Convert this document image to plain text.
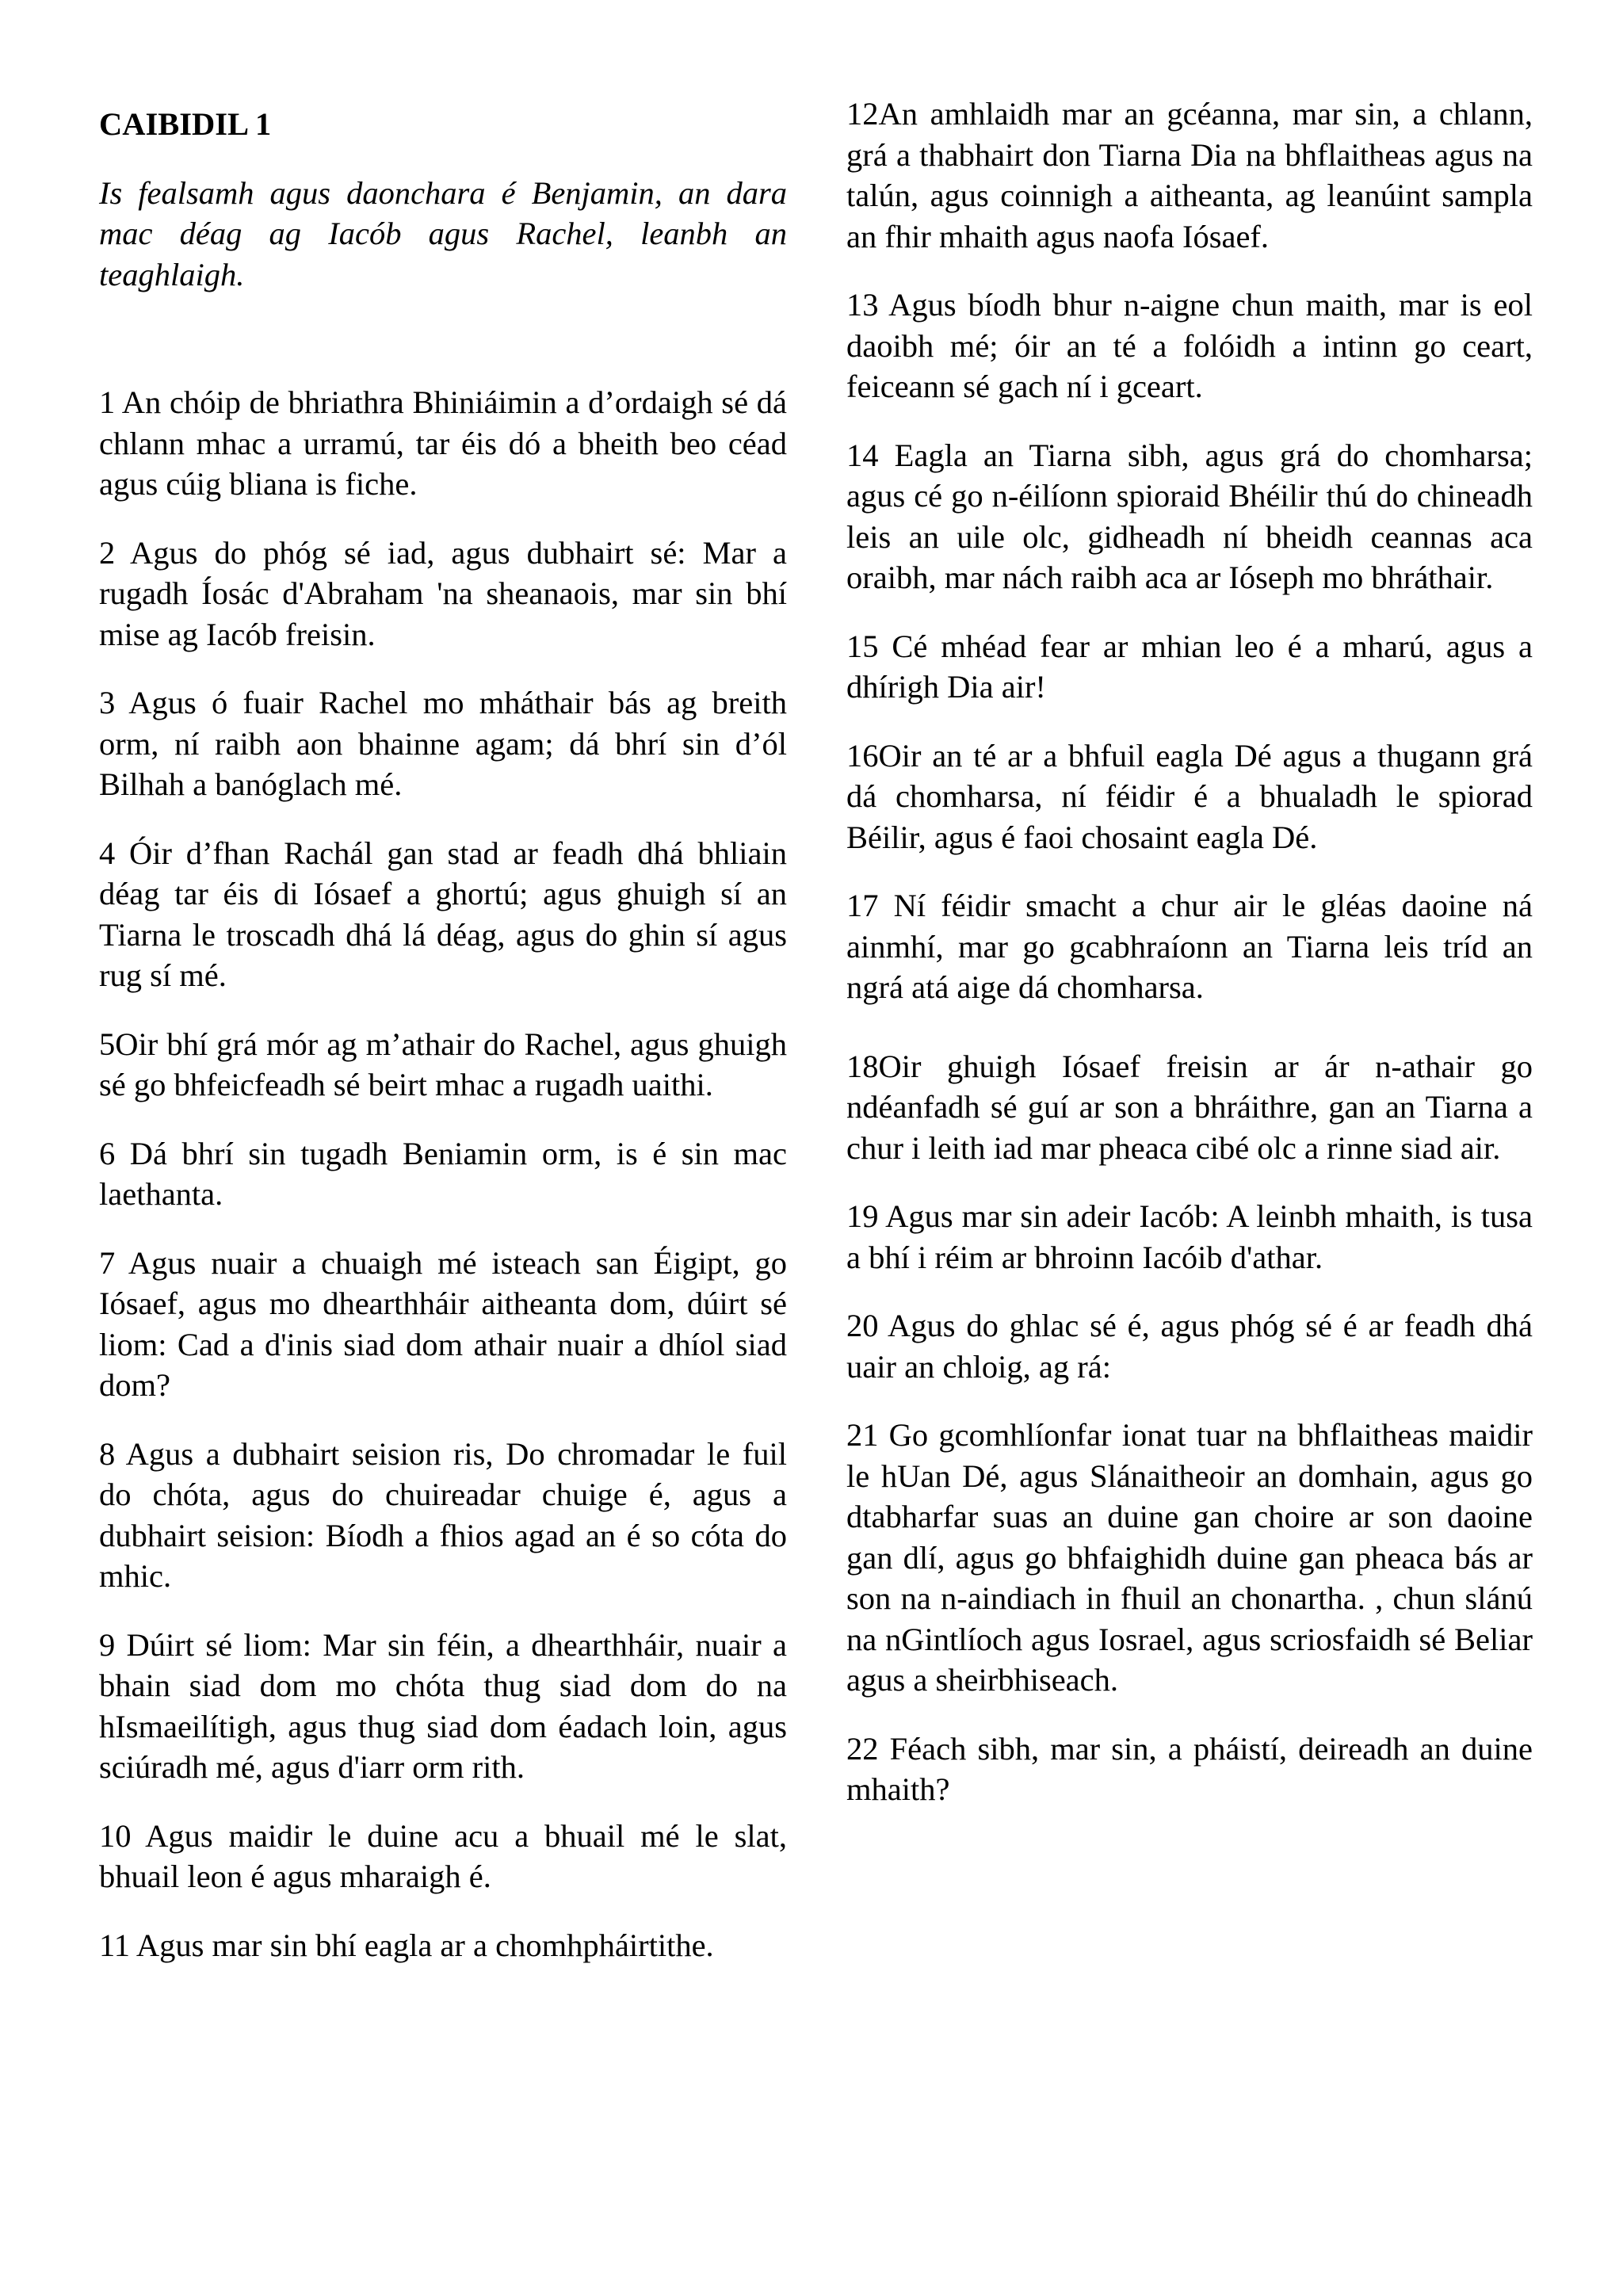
CAIBIDIL 1
Is fealsamh agus daonchara é Benjamin, an dara mac déag ag Iacób agus Rachel, leanbh an teaghlaigh.
1 An chóip de bhriathra Bhiniáimin a d’ordaigh sé dá chlann mhac a urramú, tar éis dó a bheith beo céad agus cúig bliana is fiche.
2 Agus do phóg sé iad, agus dubhairt sé: Mar a rugadh Íosác d'Abraham 'na sheanaois, mar sin bhí mise ag Iacób freisin.
3 Agus ó fuair Rachel mo mháthair bás ag breith orm, ní raibh aon bhainne agam; dá bhrí sin d’ól Bilhah a banóglach mé.
4 Óir d’fhan Rachál gan stad ar feadh dhá bhliain déag tar éis di Iósaef a ghortú; agus ghuigh sí an Tiarna le troscadh dhá lá déag, agus do ghin sí agus rug sí mé.
5Oir bhí grá mór ag m’athair do Rachel, agus ghuigh sé go bhfeicfeadh sé beirt mhac a rugadh uaithi.
6 Dá bhrí sin tugadh Beniamin orm, is é sin mac laethanta.
7 Agus nuair a chuaigh mé isteach san Éigipt, go Iósaef, agus mo dhearthháir aitheanta dom, dúirt sé liom: Cad a d'inis siad dom athair nuair a dhíol siad dom?
8 Agus a dubhairt seision ris, Do chromadar le fuil do chóta, agus do chuireadar chuige é, agus a dubhairt seision: Bíodh a fhios agad an é so cóta do mhic.
9 Dúirt sé liom: Mar sin féin, a dhearthháir, nuair a bhain siad dom mo chóta thug siad dom do na hIsmaeilítigh, agus thug siad dom éadach loin, agus sciúradh mé, agus d'iarr orm rith.
10 Agus maidir le duine acu a bhuail mé le slat, bhuail leon é agus mharaigh é.
11 Agus mar sin bhí eagla ar a chomhpháirtithe.
12An amhlaidh mar an gcéanna, mar sin, a chlann, grá a thabhairt don Tiarna Dia na bhflaitheas agus na talún, agus coinnigh a aitheanta, ag leanúint sampla an fhir mhaith agus naofa Iósaef.
13 Agus bíodh bhur n-aigne chun maith, mar is eol daoibh mé; óir an té a folóidh a intinn go ceart, feiceann sé gach ní i gceart.
14 Eagla an Tiarna sibh, agus grá do chomharsa; agus cé go n-éilíonn spioraid Bhéilir thú do chineadh leis an uile olc, gidheadh ní bheidh ceannas aca oraibh, mar nách raibh aca ar Ióseph mo bhráthair.
15 Cé mhéad fear ar mhian leo é a mharú, agus a dhírigh Dia air!
16Oir an té ar a bhfuil eagla Dé agus a thugann grá dá chomharsa, ní féidir é a bhualadh le spiorad Béilir, agus é faoi chosaint eagla Dé.
17 Ní féidir smacht a chur air le gléas daoine ná ainmhí, mar go gcabhraíonn an Tiarna leis tríd an ngrá atá aige dá chomharsa.
18Oir ghuigh Iósaef freisin ar ár n-athair go ndéanfadh sé guí ar son a bhráithre, gan an Tiarna a chur i leith iad mar pheaca cibé olc a rinne siad air.
19 Agus mar sin adeir Iacób: A leinbh mhaith, is tusa a bhí i réim ar bhroinn Iacóib d'athar.
20 Agus do ghlac sé é, agus phóg sé é ar feadh dhá uair an chloig, ag rá:
21 Go gcomhlíonfar ionat tuar na bhflaitheas maidir le hUan Dé, agus Slánaitheoir an domhain, agus go dtabharfar suas an duine gan choire ar son daoine gan dlí, agus go bhfaighidh duine gan pheaca bás ar son na n-aindiach in fhuil an chonartha. , chun slánú na nGintlíoch agus Iosrael, agus scriosfaidh sé Beliar agus a sheirbhiseach.
22 Féach sibh, mar sin, a pháistí, deireadh an duine mhaith?
